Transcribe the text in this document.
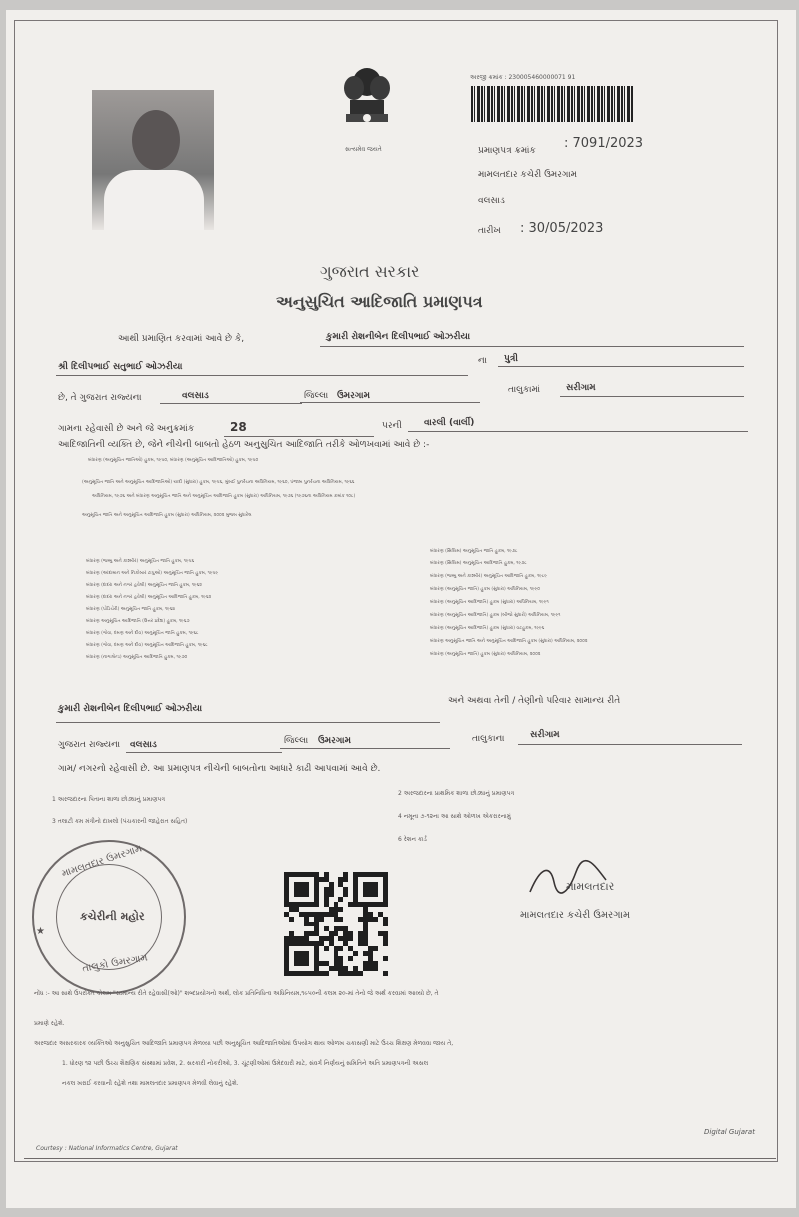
સત્યમેવ જયતે
અરજી ક્રમાંક : 230005460000071 91
પ્રમાણપત્ર ક્રમાંક : 7091/2023
મામલતદાર કચેરી ઉમરગામ
વલસાડ
તારીખ : 30/05/2023
ગુજરાત સરકાર
અનુસુચિત આદિજાતિ પ્રમાણપત્ર
આથી પ્રમાણિત કરવામાં આવે છે કે,	કુમારી રોશનીબેન દિલીપભાઈ ઓઝરીયા
શ્રી દિલીપભાઈ સતુભાઈ ઓઝરીયા
ના પુત્રી
છે, તે ગુજરાત રાજ્યના	વલસાડ	જિલ્લા ઉમરગામ
તાલુકામાં	સરીગામ
ગામના રહેવાસી છે અને જે અનુક્રમાંક	28	પરની વારલી (વાર્લી)
આદિજાતિની વ્યક્તિ છે, જેને નીચેની બાબતો હેઠળ અનુસુચિત આદિજાતિ તરીકે ઓળખવામાં આવે છે :-
બંધારણ (અનુસૂચિત જાતિઓ) હુકમ, ૧૯૫૦, બંધારણ (અનુસૂચિત આદિજાતિઓ) હુકમ, ૧૯૫૦
(અનુસૂચિત જાતિ અને અનુસૂચિત આદિજાતિઓ) યાદી (સુધારા) હુકમ, ૧૯૫૬, મુંબઈ પુનર્રચના અધિનિયમ, ૧૯૬૦, પંજાબ પુનર્રચના અધિનિયમ, ૧૯૬૬
અધિનિયમ, ૧૯૭૬ અને બંધારણ અનુસૂચિત જાતિ અને અનુસૂચિત આદિજાતિ હુકમ (સુધારા) અધિનિયમ, ૧૯૭૬ (૧૯૭૬ના અધિનિયમ ક્રમાંક ૧૦૮)
અનુસૂચિત જાતિ અને અનુસૂચિત આદિજાતિ હુકમ (સુધારા) અધિનિયમ, ૨૦૦૨ મુજબ સુધારેલ
બંધારણ (જમ્મુ અને કાશ્મીર) અનુસૂચિત જાતિ હુકમ, ૧૯૫૬
બંધારણ (આંદામાન અને નિકોબાર ટાપુઓ) અનુસૂચિત જાતિ હુકમ, ૧૯૫૯
બંધારણ (દાદરા અને નગર હવેલી) અનુસૂચિત જાતિ હુકમ, ૧૯૬૨
બંધારણ (દાદરા અને નગર હવેલી) અનુસૂચિત આદિજાતિ હુકમ, ૧૯૬૨
બંધારણ (પોંડિચેરી) અનુસૂચિત જાતિ હુકમ, ૧૯૬૪
બંધારણ અનુસૂચિત આદિજાતિ (ઉત્તર પ્રદેશ) હુકમ, ૧૯૬૭
બંધારણ (ગોવા, દમણ અને દીવ) અનુસૂચિત જાતિ હુકમ, ૧૯૬૮
બંધારણ (ગોવા, દમણ અને દીવ) અનુસૂચિત આદિજાતિ હુકમ, ૧૯૬૮
બંધારણ (નાગાલેન્ડ) અનુસૂચિત આદિજાતિ હુકમ, ૧૯૭૦
બંધારણ (સિક્કિમ) અનુસૂચિત જાતિ હુકમ, ૧૯૭૮
બંધારણ (સિક્કિમ) અનુસૂચિત આદિજાતિ હુકમ, ૧૯૭૮
બંધારણ (જમ્મુ અને કાશ્મીર) અનુસૂચિત આદિજાતિ હુકમ, ૧૯૮૯
બંધારણ (અનુસૂચિત જાતિ) હુકમ (સુધારા) અધિનિયમ, ૧૯૯૦
બંધારણ (અનુસૂચિત આદિજાતિ) હુકમ (સુધારા) અધિનિયમ, ૧૯૯૧
બંધારણ (અનુસૂચિત આદિજાતિ) હુકમ (બીજો સુધારો) અધિનિયમ, ૧૯૯૧
બંધારણ (અનુસૂચિત આદિજાતિ) હુકમ (સુધારા) વટહુકમ, ૧૯૯૬
બંધારણ અનુસૂચિત જાતિ અને અનુસૂચિત આદિજાતિ હુકમ (સુધારા) અધિનિયમ, ૨૦૦૨
બંધારણ (અનુસૂચિત જાતિ) હુકમ (સુધારા) અધિનિયમ, ૨૦૦૨
કુમારી રોશનીબેન દિલીપભાઈ ઓઝરીયા
અને અથવા તેની / તેણીનો પરિવાર સામાન્ય રીતે
ગુજરાત રાજ્યના વલસાડ	જિલ્લા ઉમરગામ	તાલુકાના	સરીગામ
ગામ/ નગરનો રહેવાસી છે. આ પ્રમાણપત્ર નીચેની બાબતોના આધારે કાઢી આપવામાં આવે છે.
1 અરજદારના પિતાના શાળા છોડ્યાનું પ્રમાણપત્ર
2 અરજદારના પ્રાથમિક શાળા છોડ્યાનું પ્રમાણપત્ર
3 તલાટી કમ મંત્રીનો દાખલો (પંચકારની જાહેરાત સહિત)
4 નમૂના ૭-૧૨ના આ સાથે ઓળખ એકરારનામું
6 રેશન કાર્ડ
મામલતદાર ઉમરગામ
કચેરીની મહોર
તાલુકો ઉમરગામ
★
મામલતદાર
મામલતદાર કચેરી ઉમરગામ
નોંધ :- આ સાથે ઉપરોક્ત કોલમ "સામાન્ય રીતે રહેવાસી(ઓ)" શબ્દપ્રયોગનો અર્થ, લોક પ્રતિનિધિત્વ અધિનિયમ,૧૯૫૦ની કલમ ૨૦-માં તેનો જે અર્થ કરવામાં આવ્યો છે, તે
પ્રમાણે રહેશે.
અરજદાર અસરકારક વ્યક્તિઓ અનુસુચિત આદિજાતિ પ્રમાણપત્ર મેળવ્યા પછી અનુસૂચિત આદિજાતિઓમાં ઉપયોગ થાય ઓળખ ચકાસણી માટે ઉચ્ચ શિક્ષણ મેળવવા જાય તે,
1. ધોરણ ૧૨ પછી ઉચ્ચ શૈક્ષણિક સંસ્થામાં પ્રવેશ, 2. સરકારી નોકરીઓ, 3. ચૂંટણીઓમાં ઉમેદવારી માટે, સંવર્ગ નિર્ણયનું સમિતિને અતિ પ્રમાણપત્રની અસલ
નકલ ખરાઈ કરવાની રહેશે તથા મામલતદાર પ્રમાણપત્ર મેળવી લેવાનું રહેશે.
Courtesy : National Informatics Centre, Gujarat
Digital Gujarat
